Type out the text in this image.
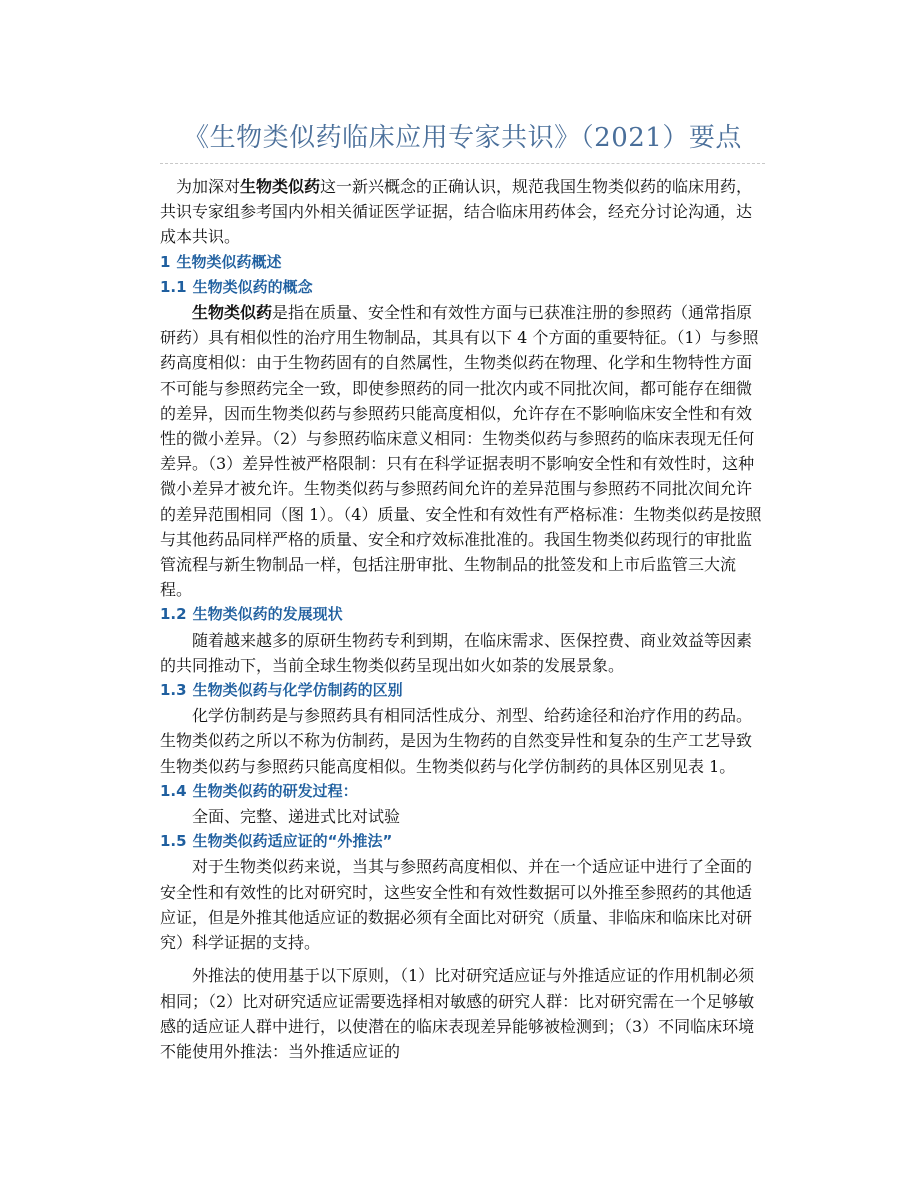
《生物类似药临床应用专家共识》（2021）要点

为加深对生物类似药这一新兴概念的正确认识，规范我国生物类似药的临床用药，共识专家组参考国内外相关循证医学证据，结合临床用药体会，经充分讨论沟通，达成本共识。

1 生物类似药概述

1.1 生物类似药的概念

生物类似药是指在质量、安全性和有效性方面与已获准注册的参照药（通常指原研药）具有相似性的治疗用生物制品，其具有以下 4 个方面的重要特征。（1）与参照药高度相似：由于生物药固有的自然属性，生物类似药在物理、化学和生物特性方面不可能与参照药完全一致，即使参照药的同一批次内或不同批次间，都可能存在细微的差异，因而生物类似药与参照药只能高度相似，允许存在不影响临床安全性和有效性的微小差异。（2）与参照药临床意义相同：生物类似药与参照药的临床表现无任何差异。（3）差异性被严格限制：只有在科学证据表明不影响安全性和有效性时，这种微小差异才被允许。生物类似药与参照药间允许的差异范围与参照药不同批次间允许的差异范围相同（图 1）。（4）质量、安全性和有效性有严格标准：生物类似药是按照与其他药品同样严格的质量、安全和疗效标准批准的。我国生物类似药现行的审批监管流程与新生物制品一样，包括注册审批、生物制品的批签发和上市后监管三大流程。

1.2 生物类似药的发展现状

随着越来越多的原研生物药专利到期，在临床需求、医保控费、商业效益等因素的共同推动下，当前全球生物类似药呈现出如火如荼的发展景象。

1.3 生物类似药与化学仿制药的区别

化学仿制药是与参照药具有相同活性成分、剂型、给药途径和治疗作用的药品。生物类似药之所以不称为仿制药，是因为生物药的自然变异性和复杂的生产工艺导致生物类似药与参照药只能高度相似。生物类似药与化学仿制药的具体区别见表 1。

1.4 生物类似药的研发过程：

全面、完整、递进式比对试验

1.5 生物类似药适应证的“外推法”

对于生物类似药来说，当其与参照药高度相似、并在一个适应证中进行了全面的安全性和有效性的比对研究时，这些安全性和有效性数据可以外推至参照药的其他适应证，但是外推其他适应证的数据必须有全面比对研究（质量、非临床和临床比对研究）科学证据的支持。

外推法的使用基于以下原则，（1）比对研究适应证与外推适应证的作用机制必须相同；（2）比对研究适应证需要选择相对敏感的研究人群：比对研究需在一个足够敏感的适应证人群中进行，以使潜在的临床表现差异能够被检测到；（3）不同临床环境不能使用外推法：当外推适应证的
